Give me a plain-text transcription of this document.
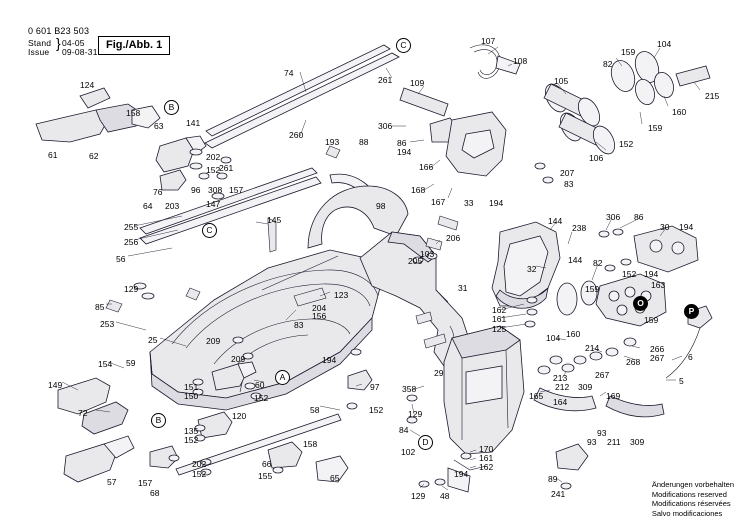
0 601 B23 503
Stand
Issue
} 04-05
09-08-31
Fig./Abb. 1	C
B
C
A
B
D
O
P
Änderungen vorbehalten
Modifications reserved
Modifications réservées
Salvo modificaciones
124
158
141
63
61	62
261
202
152
96 308 157
76
64 203	147
145
255
256
56
129
85	204
156
123
83
253
25
154 59
149
72
151
150
60
152
97
152
135
152
120
58
194
209
209
157
68
57
202
152
66
155
158
65
74
260
261
193 88
98
31
29
107
108
109
306
86
194
166
168
167 33 194
83
207
105
82
159
104
215
160
159
152
106
144
238
144
32
82
159
152 194
163
159
306 86
30 194
266
267
268
214
267
213
212 309
165
164
169
93 211 309
93
6
5
89
241
129
84
358
102
129 48
194
170
161
162
162
161
125
104 160
206
103
205
